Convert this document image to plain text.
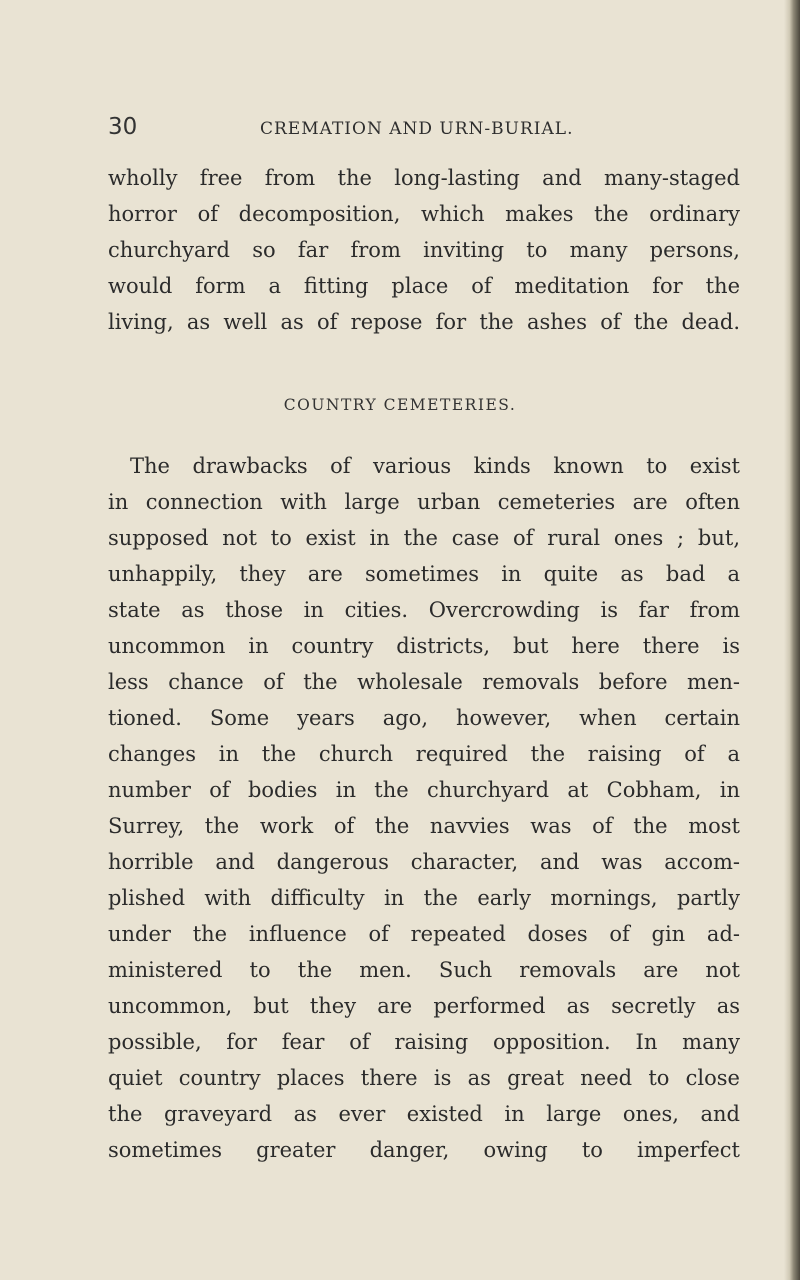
30	CREMATION AND URN-BURIAL.
wholly free from the long-lasting and many-staged
horror of decomposition, which makes the ordinary
churchyard so far from inviting to many persons,
would form a fitting place of meditation for the
living, as well as of repose for the ashes of the dead.
COUNTRY CEMETERIES.
The drawbacks of various kinds known to exist
in connection with large urban cemeteries are often
supposed not to exist in the case of rural ones ; but,
unhappily, they are sometimes in quite as bad a
state as those in cities. Overcrowding is far from
uncommon in country districts, but here there is
less chance of the wholesale removals before men-
tioned. Some years ago, however, when certain
changes in the church required the raising of a
number of bodies in the churchyard at Cobham, in
Surrey, the work of the navvies was of the most
horrible and dangerous character, and was accom-
plished with difficulty in the early mornings, partly
under the influence of repeated doses of gin ad-
ministered to the men. Such removals are not
uncommon, but they are performed as secretly as
possible, for fear of raising opposition. In many
quiet country places there is as great need to close
the graveyard as ever existed in large ones, and
sometimes greater danger, owing to imperfect
